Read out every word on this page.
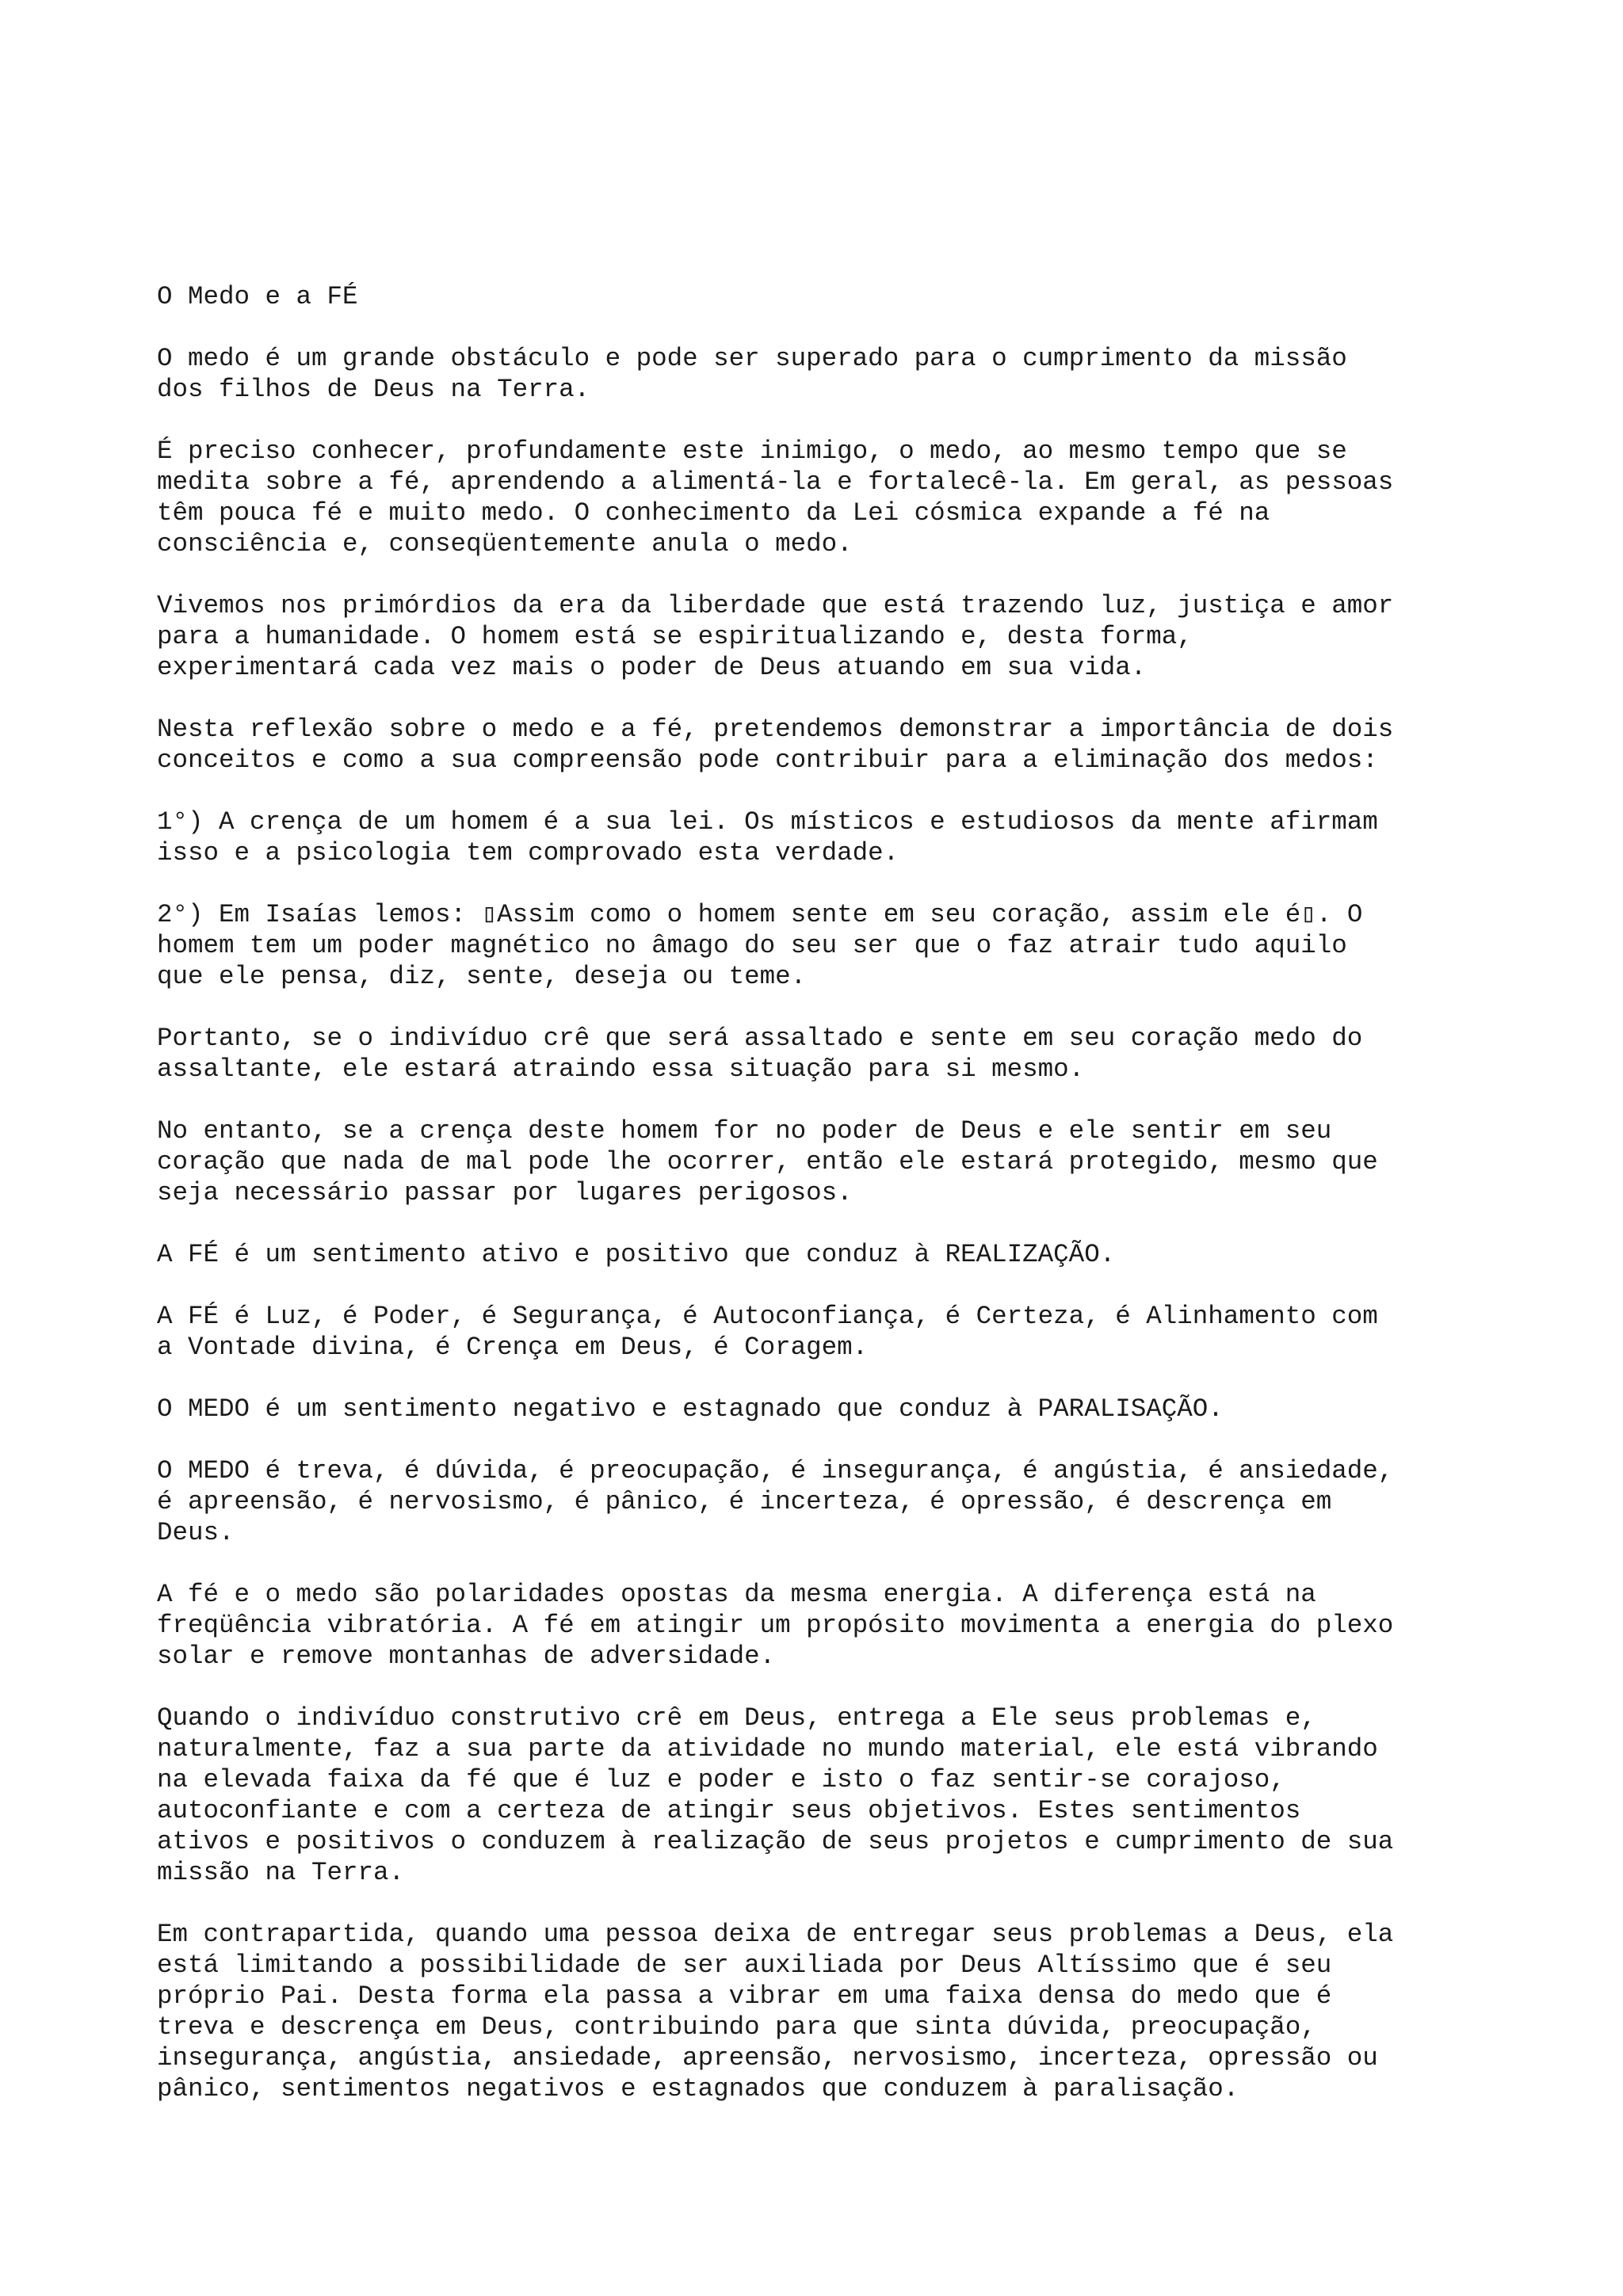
O Medo e a FÉ
O medo é um grande obstáculo e pode ser superado para o cumprimento da missão
dos filhos de Deus na Terra.
É preciso conhecer, profundamente este inimigo, o medo, ao mesmo tempo que se
medita sobre a fé, aprendendo a alimentá-la e fortalecê-la. Em geral, as pessoas
têm pouca fé e muito medo. O conhecimento da Lei cósmica expande a fé na
consciência e, conseqüentemente anula o medo.
Vivemos nos primórdios da era da liberdade que está trazendo luz, justiça e amor
para a humanidade. O homem está se espiritualizando e, desta forma,
experimentará cada vez mais o poder de Deus atuando em sua vida.
Nesta reflexão sobre o medo e a fé, pretendemos demonstrar a importância de dois
conceitos e como a sua compreensão pode contribuir para a eliminação dos medos:
1°) A crença de um homem é a sua lei. Os místicos e estudiosos da mente afirmam
isso e a psicologia tem comprovado esta verdade.
2°) Em Isaías lemos: ▯Assim como o homem sente em seu coração, assim ele é▯. O
homem tem um poder magnético no âmago do seu ser que o faz atrair tudo aquilo
que ele pensa, diz, sente, deseja ou teme.
Portanto, se o indivíduo crê que será assaltado e sente em seu coração medo do
assaltante, ele estará atraindo essa situação para si mesmo.
No entanto, se a crença deste homem for no poder de Deus e ele sentir em seu
coração que nada de mal pode lhe ocorrer, então ele estará protegido, mesmo que
seja necessário passar por lugares perigosos.
A FÉ é um sentimento ativo e positivo que conduz à REALIZAÇÃO.
A FÉ é Luz, é Poder, é Segurança, é Autoconfiança, é Certeza, é Alinhamento com
a Vontade divina, é Crença em Deus, é Coragem.
O MEDO é um sentimento negativo e estagnado que conduz à PARALISAÇÃO.
O MEDO é treva, é dúvida, é preocupação, é insegurança, é angústia, é ansiedade,
é apreensão, é nervosismo, é pânico, é incerteza, é opressão, é descrença em
Deus.
A fé e o medo são polaridades opostas da mesma energia. A diferença está na
freqüência vibratória. A fé em atingir um propósito movimenta a energia do plexo
solar e remove montanhas de adversidade.
Quando o indivíduo construtivo crê em Deus, entrega a Ele seus problemas e,
naturalmente, faz a sua parte da atividade no mundo material, ele está vibrando
na elevada faixa da fé que é luz e poder e isto o faz sentir-se corajoso,
autoconfiante e com a certeza de atingir seus objetivos. Estes sentimentos
ativos e positivos o conduzem à realização de seus projetos e cumprimento de sua
missão na Terra.
Em contrapartida, quando uma pessoa deixa de entregar seus problemas a Deus, ela
está limitando a possibilidade de ser auxiliada por Deus Altíssimo que é seu
próprio Pai. Desta forma ela passa a vibrar em uma faixa densa do medo que é
treva e descrença em Deus, contribuindo para que sinta dúvida, preocupação,
insegurança, angústia, ansiedade, apreensão, nervosismo, incerteza, opressão ou
pânico, sentimentos negativos e estagnados que conduzem à paralisação.
